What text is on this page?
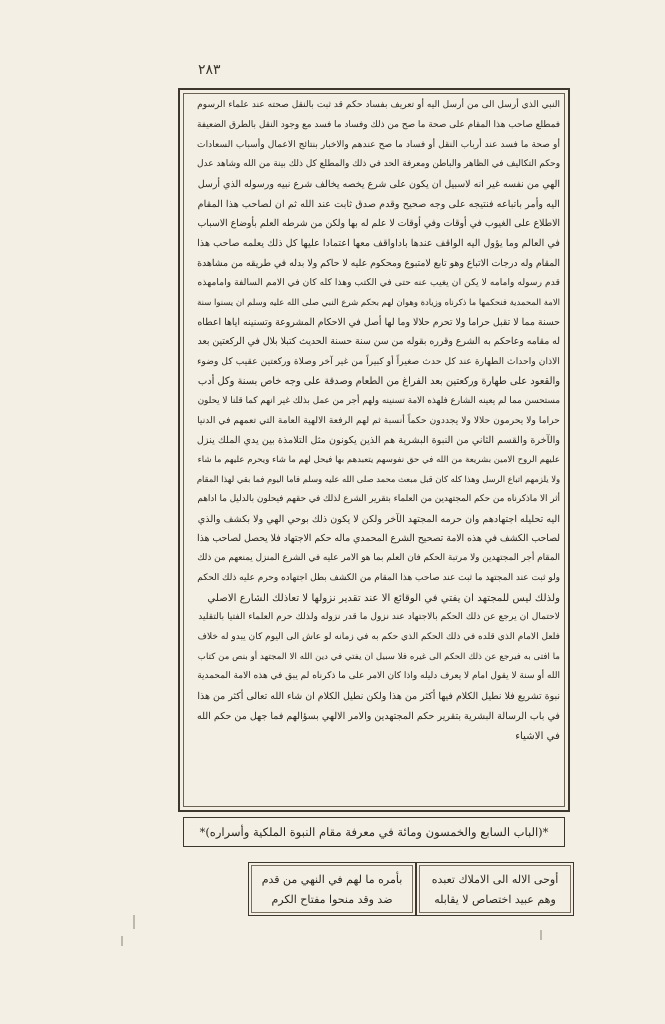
٢٨٣
النبي الذي أرسل الى من أرسل اليه أو تعريف بفساد حكم قد ثبت بالنقل صحته عند علماء الرسوم
فمطلع صاحب هذا المقام على صحة ما صح من ذلك وفساد ما فسد مع وجود النقل بالطرق الضعيفة
أو صحة ما فسد عند أرباب النقل أو فساد ما صح عندهم والاخبار بنتائج الاعمال وأسباب السعادات
وحكم التكاليف في الظاهر والباطن ومعرفة الحد في ذلك والمطلع كل ذلك بينة من الله وشاهد عدل
الهي من نفسه غير انه لاسبيل ان يكون على شرع يخصه يخالف شرع نبيه ورسوله الذي أرسل
اليه وأمر باتباعه فنتيجه على وجه صحيح وقدم صدق ثابت عند الله ثم ان لصاحب هذا المقام
الاطلاع على الغيوب في أوقات وفي أوقات لا علم له بها ولكن من شرطه العلم بأوضاع الاسباب
في العالم وما يؤول اليه الواقف عندها باداواقف معها اعتمادا عليها كل ذلك يعلمه صاحب هذا
المقام وله درجات الاتباع وهو تابع لامتبوع ومحكوم عليه لا حاكم ولا بدله في طريقه من مشاهدة
قدم رسوله وامامه لا يكن ان يغيب عنه حتى في الكتب وهذا كله كان في الامم السالفة وامامهذه
الامة المحمدية فنحكمها ما ذكرناه وزيادة وهوان لهم بحكم شرع النبي صلى الله عليه وسلم ان يسنوا سنة
حسنة مما لا تقبل حراما ولا تحرم حلالا وما لها أصل في الاحكام المشروعة وتسنينه اياها اعطاه
له مقامه وعاحكم به الشرع وقرره بقوله من سن سنة حسنة الحديث كتبلا بلال في الركعتين بعد
الاذان واحداث الطهارة عند كل حدث صغيراً أو كبيراً من غير آخر وصلاة وركعتين عقيب كل وضوء
والقعود على طهارة وركعتين بعد الفراغ من الطعام وصدقة على وجه خاص بسنة وكل أدب
مستحسن مما لم يعينه الشارع فلهذه الامة تسنينه ولهم أجر من عمل بذلك غير انهم كما قلنا لا يحلون
حراما ولا يحرمون حلالا ولا يجددون حكماً أنسبة ثم لهم الرفعة الالهية العامة التي تعمهم في الدنيا
والآخرة والقسم الثاني من النبوة البشرية هم الذين يكونون مثل التلامذة بين يدي الملك ينزل
عليهم الروح الامين بشريعة من الله في حق نفوسهم يتعبدهم بها فيحل لهم ما شاء ويحرم عليهم ما شاء
ولا يلزمهم اتباع الرسل وهذا كله كان قبل مبعث محمد صلى الله عليه وسلم فاما اليوم فما بقي لهذا المقام
أثر الا ماذكرناه من حكم المجتهدين من العلماء بتقرير الشرع لذلك في حقهم فيحلون بالدليل ما اداهم
اليه تحليله اجتهادهم وان حرمه المجتهد الآخر ولكن لا يكون ذلك بوحي الهي ولا بكشف والذي
لصاحب الكشف في هذه الامة تصحيح الشرع المحمدي ماله حكم الاجتهاد فلا يحصل لصاحب هذا
المقام أجر المجتهدين ولا مرتبة الحكم فان العلم بما هو الامر عليه في الشرع المنزل يمنعهم من ذلك
ولو ثبت عند المجتهد ما ثبت عند صاحب هذا المقام من الكشف بطل اجتهاده وحرم عليه ذلك الحكم
ولذلك ليس للمجتهد ان يفتي في الوقائع الا عند تقدير نزولها لا تعاذلك الشارع الاصلي
لاحتمال ان يرجع عن ذلك الحكم بالاجتهاد عند نزول ما قدر نزوله ولذلك حرم العلماء الفتيا بالتقليد
فلعل الامام الذي قلده في ذلك الحكم الذي حكم به في زمانه لو عاش الى اليوم كان يبدو له خلاف
ما افتى به فيرجع عن ذلك الحكم الى غيره فلا سبيل ان يفتي في دين الله الا المجتهد أو بنص من كتاب
الله أو سنة لا يقول امام لا يعرف دليله واذا كان الامر على ما ذكرناه لم يبق في هذه الامة المحمدية
نبوة تشريع فلا نطيل الكلام فيها أكثر من هذا ولكن نطيل الكلام ان شاء الله تعالى أكثر من هذا
في باب الرسالة البشرية بتقرير حكم المجتهدين والامر الالهي بسؤالهم فما جهل من حكم الله
في الاشياء
*(الباب السابع والخمسون ومائة في معرفة مقام النبوة الملكية وأسراره)*
أوحى الاله الى الاملاك تعبده
وهم عبيد اختصاص لا يقابله
بأمره ما لهم في النهي من قدم
ضد وقد منحوا مفتاح الكرم
